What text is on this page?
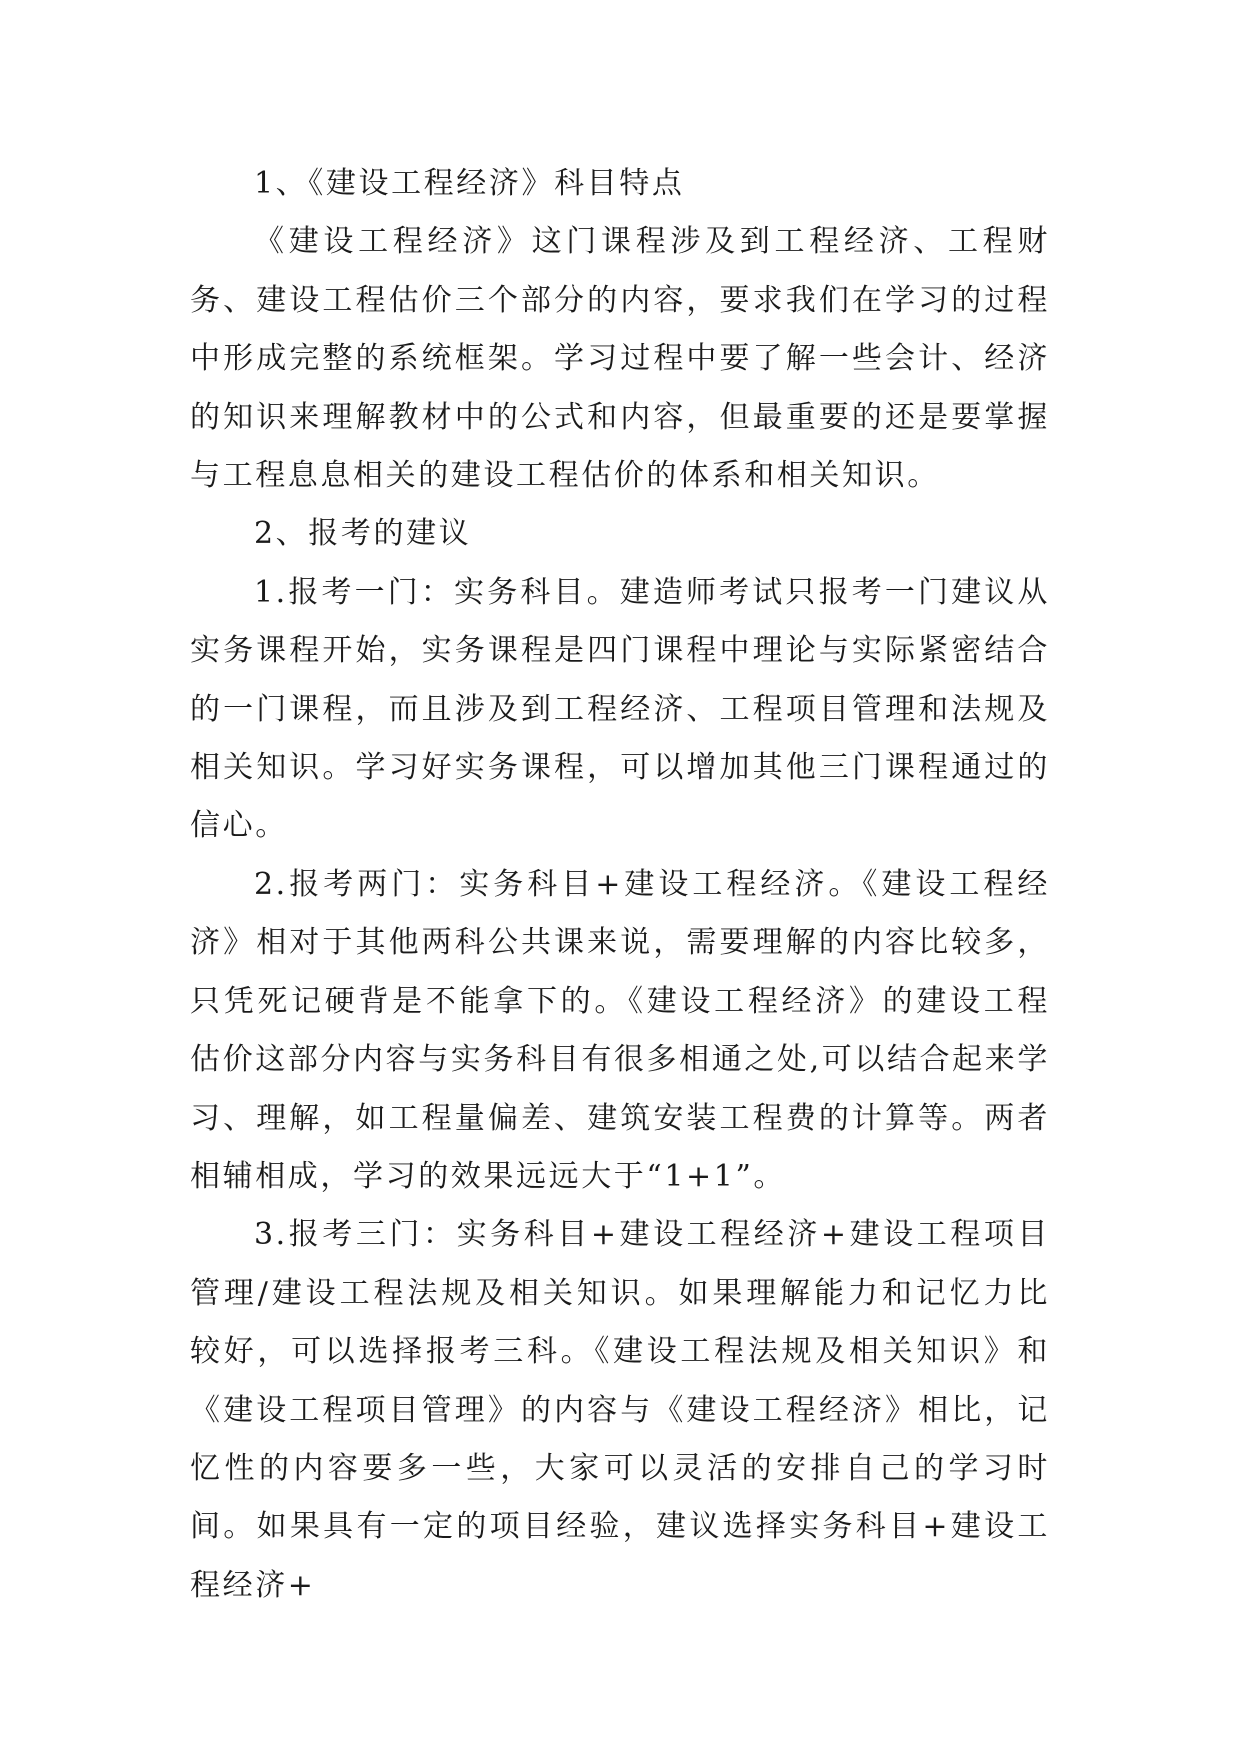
1、《建设工程经济》科目特点

《建设工程经济》这门课程涉及到工程经济、工程财务、建设工程估价三个部分的内容，要求我们在学习的过程中形成完整的系统框架。学习过程中要了解一些会计、经济的知识来理解教材中的公式和内容，但最重要的还是要掌握与工程息息相关的建设工程估价的体系和相关知识。

2、报考的建议

1.报考一门：实务科目。建造师考试只报考一门建议从实务课程开始，实务课程是四门课程中理论与实际紧密结合的一门课程，而且涉及到工程经济、工程项目管理和法规及相关知识。学习好实务课程，可以增加其他三门课程通过的信心。

2.报考两门：实务科目+建设工程经济。《建设工程经济》相对于其他两科公共课来说，需要理解的内容比较多，只凭死记硬背是不能拿下的。《建设工程经济》的建设工程估价这部分内容与实务科目有很多相通之处,可以结合起来学习、理解，如工程量偏差、建筑安装工程费的计算等。两者相辅相成，学习的效果远远大于“1+1”。

3.报考三门：实务科目+建设工程经济+建设工程项目管理/建设工程法规及相关知识。如果理解能力和记忆力比较好，可以选择报考三科。《建设工程法规及相关知识》和《建设工程项目管理》的内容与《建设工程经济》相比，记忆性的内容要多一些，大家可以灵活的安排自己的学习时间。如果具有一定的项目经验，建议选择实务科目+建设工程经济+
